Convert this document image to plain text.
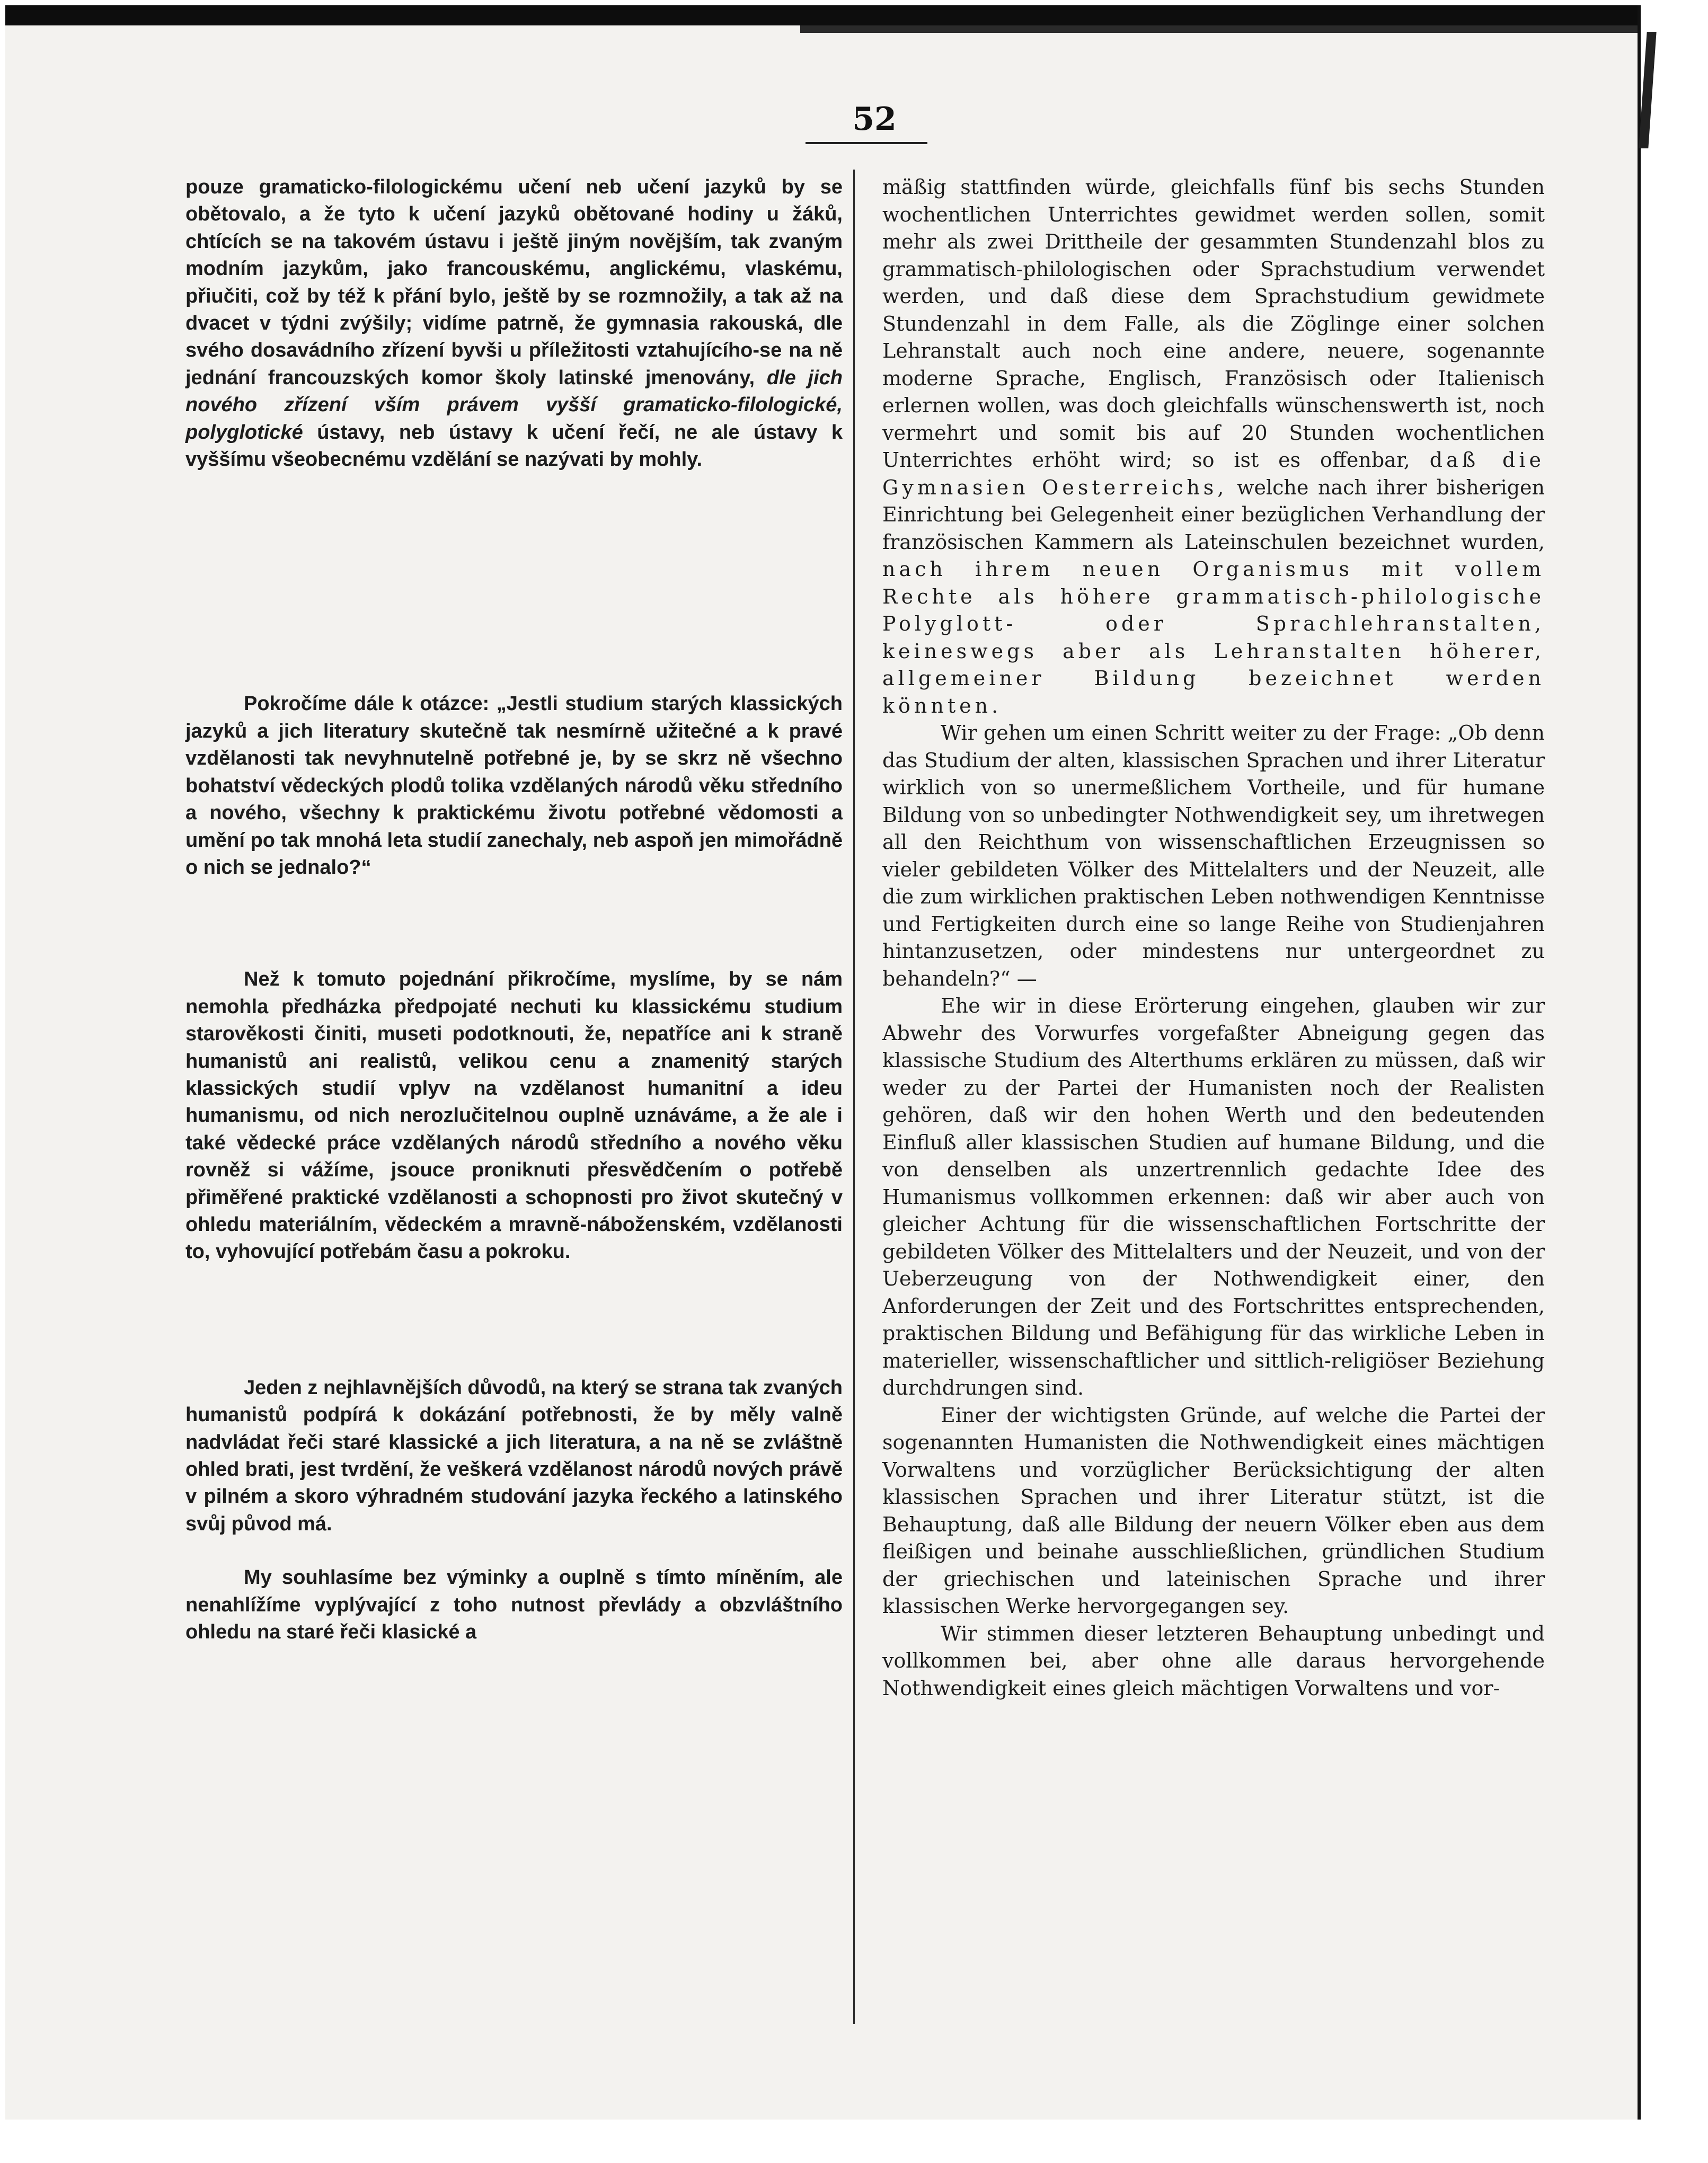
52

pouze gramaticko-filologickému učení neb učení jazyků by se obětovalo, a že tyto k učení jazyků obětované hodiny u žáků, chtících se na takovém ústavu i ještě jiným novějším, tak zvaným modním jazykům, jako francouskému, anglickému, vlaskému, přiučiti, což by též k přání bylo, ještě by se rozmnožily, a tak až na dvacet v týdni zvýšily; vidíme patrně, že gymnasia rakouská, dle svého dosavádního zřízení byvši u příležitosti vztahujícího-se na ně jednání francouzských komor školy latinské jmenovány, dle jich nového zřízení vším právem vyšší gramaticko-filologické, polyglotické ústavy, neb ústavy k učení řečí, ne ale ústavy k vyššímu všeobecnému vzdělání se nazývati by mohly.

Pokročíme dále k otázce: „Jestli studium starých klassických jazyků a jich literatury skutečně tak nesmírně užitečné a k pravé vzdělanosti tak nevyhnutelně potřebné je, by se skrz ně všechno bohatství vědeckých plodů tolika vzdělaných národů věku středního a nového, všechny k praktickému životu potřebné vědomosti a umění po tak mnohá leta studií zanechaly, neb aspoň jen mimořádně o nich se jednalo?“

Než k tomuto pojednání přikročíme, myslíme, by se nám nemohla předházka předpojaté nechuti ku klassickému studium starověkosti činiti, museti podotknouti, že, nepatříce ani k straně humanistů ani realistů, velikou cenu a znamenitý starých klassických studií vplyv na vzdělanost humanitní a ideu humanismu, od nich nerozlučitelnou ouplně uznáváme, a že ale i také vědecké práce vzdělaných národů středního a nového věku rovněž si vážíme, jsouce proniknuti přesvědčením o potřebě přiměřené praktické vzdělanosti a schopnosti pro život skutečný v ohledu materiálním, vědeckém a mravně-náboženském, vzdělanosti to, vyhovující potřebám času a pokroku.

Jeden z nejhlavnějších důvodů, na který se strana tak zvaných humanistů podpírá k dokázání potřebnosti, že by měly valně nadvládat řeči staré klassické a jich literatura, a na ně se zvláštně ohled brati, jest tvrdění, že veškerá vzdělanost národů nových právě v pilném a skoro výhradném studování jazyka řeckého a latinského svůj původ má.

My souhlasíme bez výminky a ouplně s tímto míněním, ale nenahlížíme vyplývající z toho nutnost převlády a obzvláštního ohledu na staré řeči klasické a

mäßig stattfinden würde, gleichfalls fünf bis sechs Stunden wochentlichen Unterrichtes gewidmet werden sollen, somit mehr als zwei Drittheile der gesammten Stundenzahl blos zu grammatisch-philologischen oder Sprachstudium verwendet werden, und daß diese dem Sprachstudium gewidmete Stundenzahl in dem Falle, als die Zöglinge einer solchen Lehranstalt auch noch eine andere, neuere, sogenannte moderne Sprache, Englisch, Französisch oder Italienisch erlernen wollen, was doch gleichfalls wünschenswerth ist, noch vermehrt und somit bis auf 20 Stunden wochentlichen Unterrichtes erhöht wird; so ist es offenbar, daß die Gymnasien Oesterreichs, welche nach ihrer bisherigen Einrichtung bei Gelegenheit einer bezüglichen Verhandlung der französischen Kammern als Lateinschulen bezeichnet wurden, nach ihrem neuen Organismus mit vollem Rechte als höhere grammatisch-philologische Polyglott- oder Sprachlehranstalten, keineswegs aber als Lehranstalten höherer, allgemeiner Bildung bezeichnet werden könnten.

Wir gehen um einen Schritt weiter zu der Frage: „Ob denn das Studium der alten, klassischen Sprachen und ihrer Literatur wirklich von so unermeßlichem Vortheile, und für humane Bildung von so unbedingter Nothwendigkeit sey, um ihretwegen all den Reichthum von wissenschaftlichen Erzeugnissen so vieler gebildeten Völker des Mittelalters und der Neuzeit, alle die zum wirklichen praktischen Leben nothwendigen Kenntnisse und Fertigkeiten durch eine so lange Reihe von Studienjahren hintanzusetzen, oder mindestens nur untergeordnet zu behandeln?“ —

Ehe wir in diese Erörterung eingehen, glauben wir zur Abwehr des Vorwurfes vorgefaßter Abneigung gegen das klassische Studium des Alterthums erklären zu müssen, daß wir weder zu der Partei der Humanisten noch der Realisten gehören, daß wir den hohen Werth und den bedeutenden Einfluß aller klassischen Studien auf humane Bildung, und die von denselben als unzertrennlich gedachte Idee des Humanismus vollkommen erkennen: daß wir aber auch von gleicher Achtung für die wissenschaftlichen Fortschritte der gebildeten Völker des Mittelalters und der Neuzeit, und von der Ueberzeugung von der Nothwendigkeit einer, den Anforderungen der Zeit und des Fortschrittes entsprechenden, praktischen Bildung und Befähigung für das wirkliche Leben in materieller, wissenschaftlicher und sittlich-religiöser Beziehung durchdrungen sind.

Einer der wichtigsten Gründe, auf welche die Partei der sogenannten Humanisten die Nothwendigkeit eines mächtigen Vorwaltens und vorzüglicher Berücksichtigung der alten klassischen Sprachen und ihrer Literatur stützt, ist die Behauptung, daß alle Bildung der neuern Völker eben aus dem fleißigen und beinahe ausschließlichen, gründlichen Studium der griechischen und lateinischen Sprache und ihrer klassischen Werke hervorgegangen sey.

Wir stimmen dieser letzteren Behauptung unbedingt und vollkommen bei, aber ohne alle daraus hervorgehende Nothwendigkeit eines gleich mächtigen Vorwaltens und vor-
